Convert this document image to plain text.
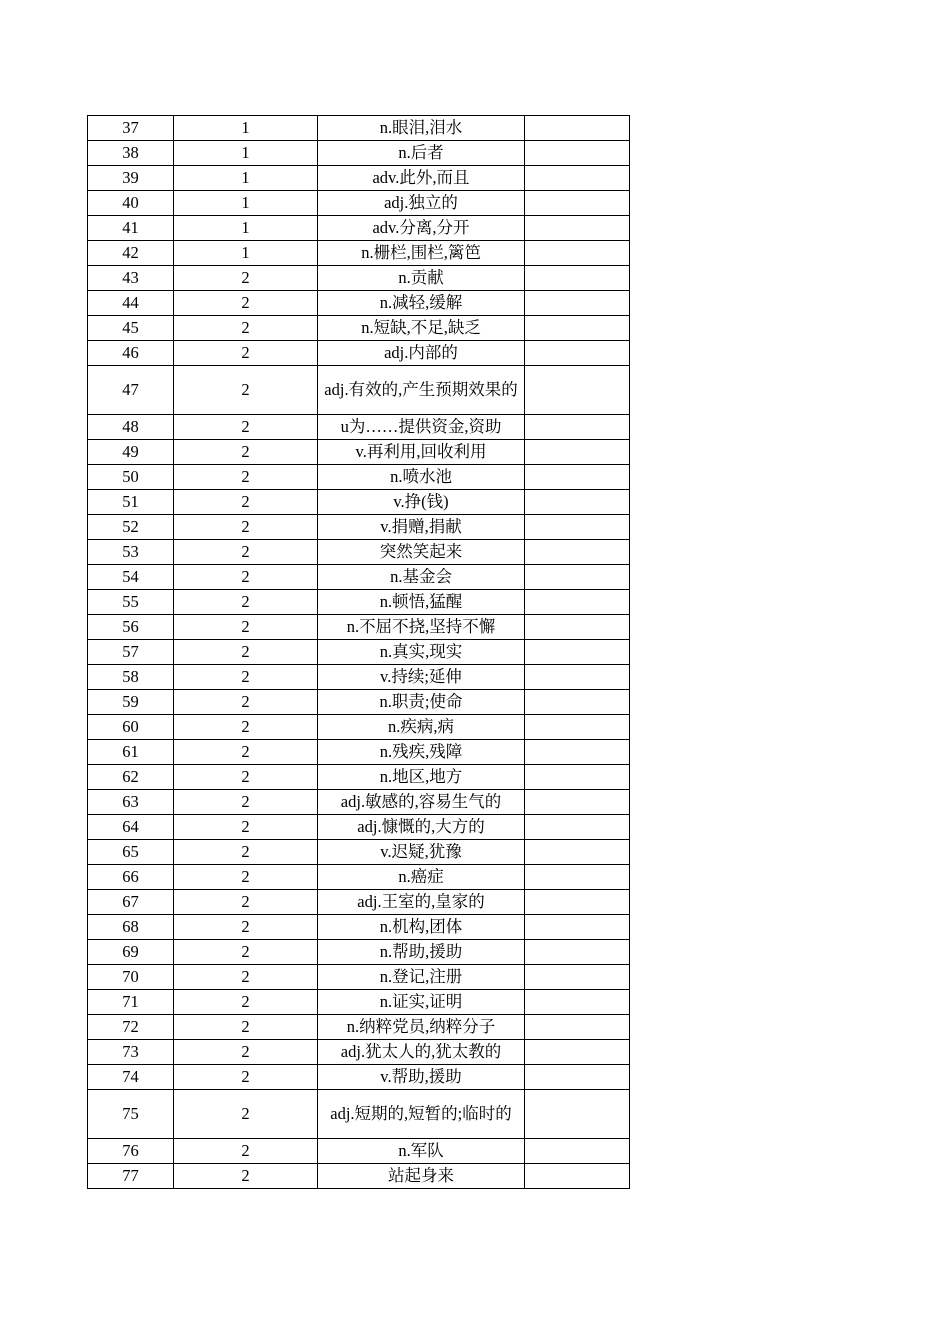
37	1	n.眼泪,泪水	
38	1	n.后者	
39	1	adv.此外,而且	
40	1	adj.独立的	
41	1	adv.分离,分开	
42	1	n.栅栏,围栏,篱笆	
43	2	n.贡献	
44	2	n.减轻,缓解	
45	2	n.短缺,不足,缺乏	
46	2	adj.内部的	
47	2	adj.有效的,产生预期效果的	
48	2	u为……提供资金,资助	
49	2	v.再利用,回收利用	
50	2	n.喷水池	
51	2	v.挣(钱)	
52	2	v.捐赠,捐献	
53	2	突然笑起来	
54	2	n.基金会	
55	2	n.顿悟,猛醒	
56	2	n.不屈不挠,坚持不懈	
57	2	n.真实,现实	
58	2	v.持续;延伸	
59	2	n.职责;使命	
60	2	n.疾病,病	
61	2	n.残疾,残障	
62	2	n.地区,地方	
63	2	adj.敏感的,容易生气的	
64	2	adj.慷慨的,大方的	
65	2	v.迟疑,犹豫	
66	2	n.癌症	
67	2	adj.王室的,皇家的	
68	2	n.机构,团体	
69	2	n.帮助,援助	
70	2	n.登记,注册	
71	2	n.证实,证明	
72	2	n.纳粹党员,纳粹分子	
73	2	adj.犹太人的,犹太教的	
74	2	v.帮助,援助	
75	2	adj.短期的,短暂的;临时的	
76	2	n.军队	
77	2	站起身来	
